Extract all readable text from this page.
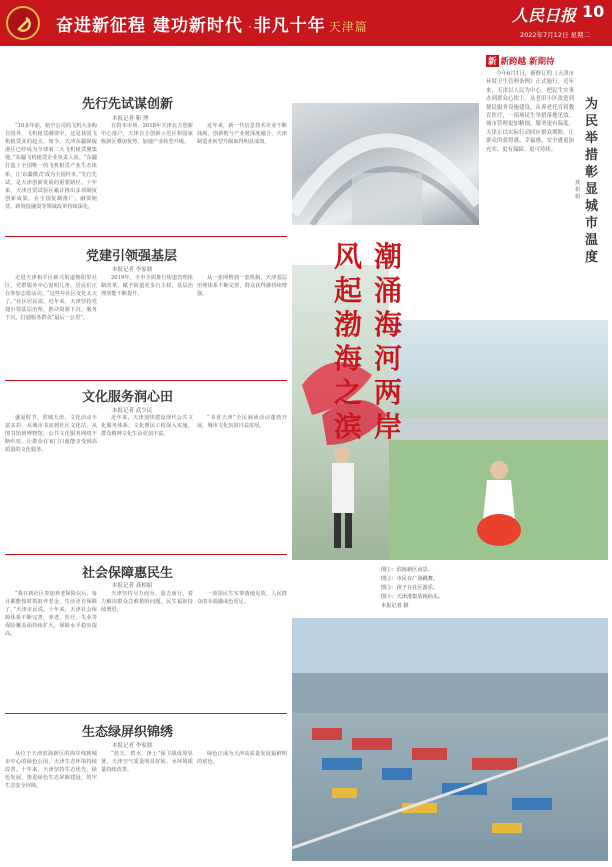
奋进新征程 建功新时代 ·非凡十年 天津篇
人民日报 10
2022年7月12日 星期二
先行先试谋创新
本报记者 靳 博
“10多年前，航空公司的飞机大多购自国外，飞机租赁融资中，这是我国飞机租赁业的起点。如今，天津东疆保税港区已经成为全球第二大飞机租赁聚集地。”东疆飞机租赁企业负责人说。“东疆打造了全国唯一的飞机租赁产业生态体系，让‘东疆模式’成为全国样本。”先行先试，是天津创新发展的重要路径。十年来，天津自贸试验区累计推出多项制度创新成果，在全国复制推广，融资租赁、跨境投融资等领域改革持续深化。
在资本市场，2018年天津北方创新中心落户，天津自主创新示范区和国家级新区叠加优势，加速产业转型升级。
近年来，新一代信息技术企业不断涌现，创新链与产业链深度融合，天津制造业转型升级取得明显成效。
党建引领强基层
本报记者 李家鼎
走进天津和平区新兴街道朝阳里社区，党群服务中心窗明几净，居民们正在参加志愿活动。“这些年社区变化太大了。”社区居民说。近年来，天津坚持党建引领基层治理，推动资源下沉、服务下沉，打通服务群众“最后一公里”。
2019年，全市全面推行街道管理体制改革，赋予街道更多自主权，基层治理效能不断提升。
从一张网格到一套机制，天津基层治理体系不断完善，群众获得感持续增强。
文化服务润心田
本报记者 武少民
盛夏时节，滨城天津，文化活动丰富多彩。从城市书房到社区文化站，从图书馆到博物馆，公共文化服务网络不断织密，让群众在家门口就能享受到高质量的文化服务。
近年来，天津加快建设现代公共文化服务体系，文化惠民工程深入实施，群众精神文化生活更加丰富。
“书香天津”全民阅读活动蓬勃开展，城市文化氛围日益浓厚。
社会保障惠民生
本报记者 龚相娟
“我在新社区参加养老保险以后，每月都能按时领取养老金，生活更有保障了。”天津市民说。十年来，天津社会保障体系不断完善，养老、医疗、失业等保险覆盖面持续扩大，保障水平稳步提高。
天津坚持尽力而为、量力而行，着力解决群众急难愁盼问题，民生福祉持续增进。
一项项民生实事落地见效，人民群众的幸福感成色更足。
生态绿屏织锦绣
本报记者 李家鼎
从位于天津滨海新区的海岸线到城市中心的绿色公园，天津生态环境持续改善。十年来，天津坚持生态优先、绿色发展，推进绿色生态屏障建设，筑牢生态安全屏障。
“蓝天、碧水、净土”保卫战成效显著，天津空气质量明显好转，水环境质量持续改善。
绿色正成为天津高质量发展最鲜明的底色。
风起渤海之滨
潮涌海河两岸
图①：滨海新区夜景。
图②：市民在广场跳舞。
图③：孩子在社区游乐。
图④：天津港集装箱码头。
本报记者 摄
新 新跨越 新期待
为民举措彰显城市温度
龚相娟
今年6月1日，新修订的《天津市环境卫生管理条例》正式施行。近年来，天津以人民为中心，把民生实事办到群众心坎上。从老旧小区改造到便民服务设施建设，从养老托育到教育医疗，一项项民生举措落地见效。城市管理更加精细，服务更有温度，天津正以实际行动回应群众期盼，让群众的获得感、幸福感、安全感更加充实、更有保障、更可持续。
